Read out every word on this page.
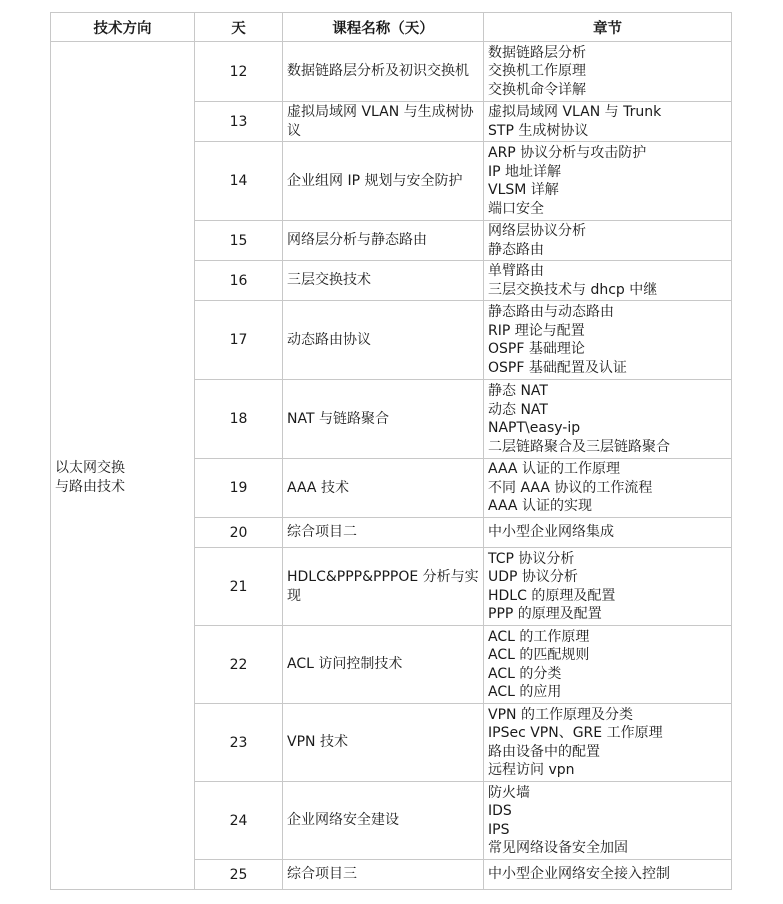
技术方向	天	课程名称（天）	章节

以太网交换
与路由技术	12	数据链路层分析及初识交换机	数据链路层分析
交换机工作原理
交换机命令详解

	13	虚拟局域网 VLAN 与生成树协议	虚拟局域网 VLAN 与 Trunk
STP 生成树协议

	14	企业组网 IP 规划与安全防护	ARP 协议分析与攻击防护
IP 地址详解
VLSM 详解
端口安全

	15	网络层分析与静态路由	网络层协议分析
静态路由

	16	三层交换技术	单臂路由
三层交换技术与 dhcp 中继

	17	动态路由协议	静态路由与动态路由
RIP 理论与配置
OSPF 基础理论
OSPF 基础配置及认证

	18	NAT 与链路聚合	静态 NAT
动态 NAT
NAPT\easy-ip
二层链路聚合及三层链路聚合

	19	AAA 技术	AAA 认证的工作原理
不同 AAA 协议的工作流程
AAA 认证的实现

	20	综合项目二	中小型企业网络集成

	21	HDLC&PPP&PPPOE 分析与实现	TCP 协议分析
UDP 协议分析
HDLC 的原理及配置
PPP 的原理及配置

	22	ACL 访问控制技术	ACL 的工作原理
ACL 的匹配规则
ACL 的分类
ACL 的应用

	23	VPN 技术	VPN 的工作原理及分类
IPSec VPN、GRE 工作原理
路由设备中的配置
远程访问 vpn

	24	企业网络安全建设	防火墙
IDS
IPS
常见网络设备安全加固

	25	综合项目三	中小型企业网络安全接入控制
